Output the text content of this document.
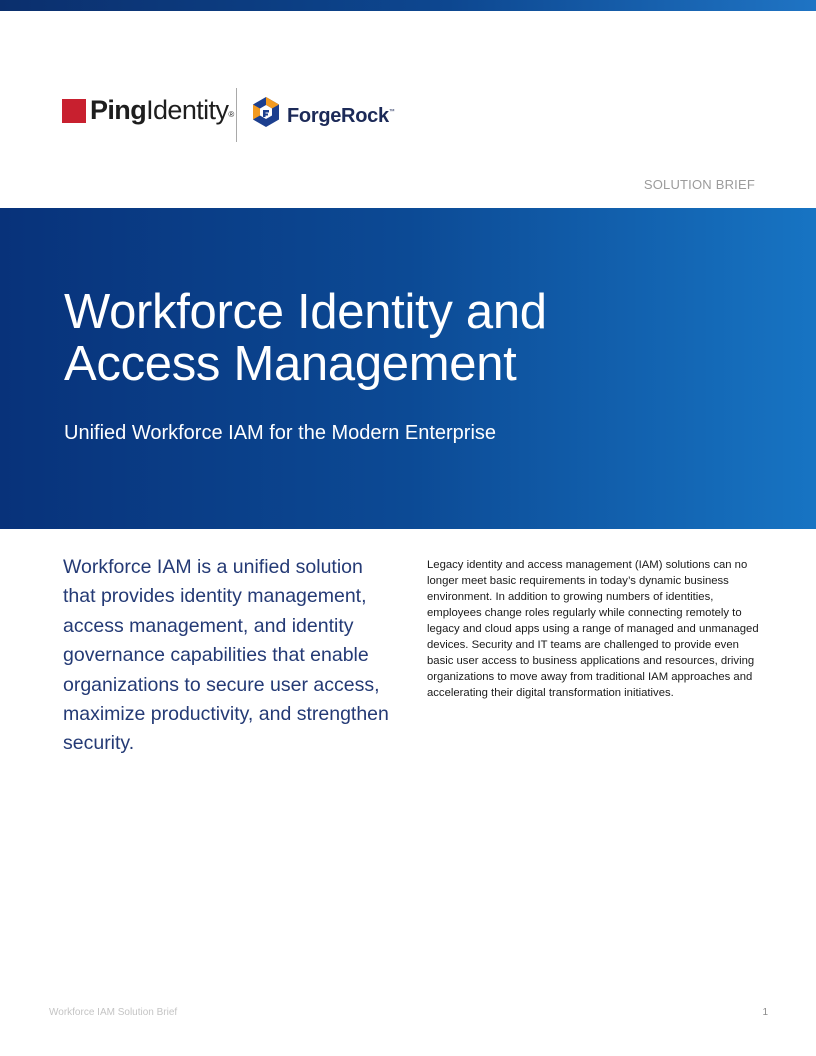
PingIdentity®	ForgeRock™
SOLUTION BRIEF
Workforce Identity and Access Management
Unified Workforce IAM for the Modern Enterprise

Workforce IAM is a unified solution that provides identity management, access management, and identity governance capabilities that enable organizations to secure user access, maximize productivity, and strengthen security.

Legacy identity and access management (IAM) solutions can no longer meet basic requirements in today’s dynamic business environment. In addition to growing numbers of identities, employees change roles regularly while connecting remotely to legacy and cloud apps using a range of managed and unmanaged devices. Security and IT teams are challenged to provide even basic user access to business applications and resources, driving organizations to move away from traditional IAM approaches and accelerating their digital transformation initiatives.

Workforce IAM Solution Brief	1
